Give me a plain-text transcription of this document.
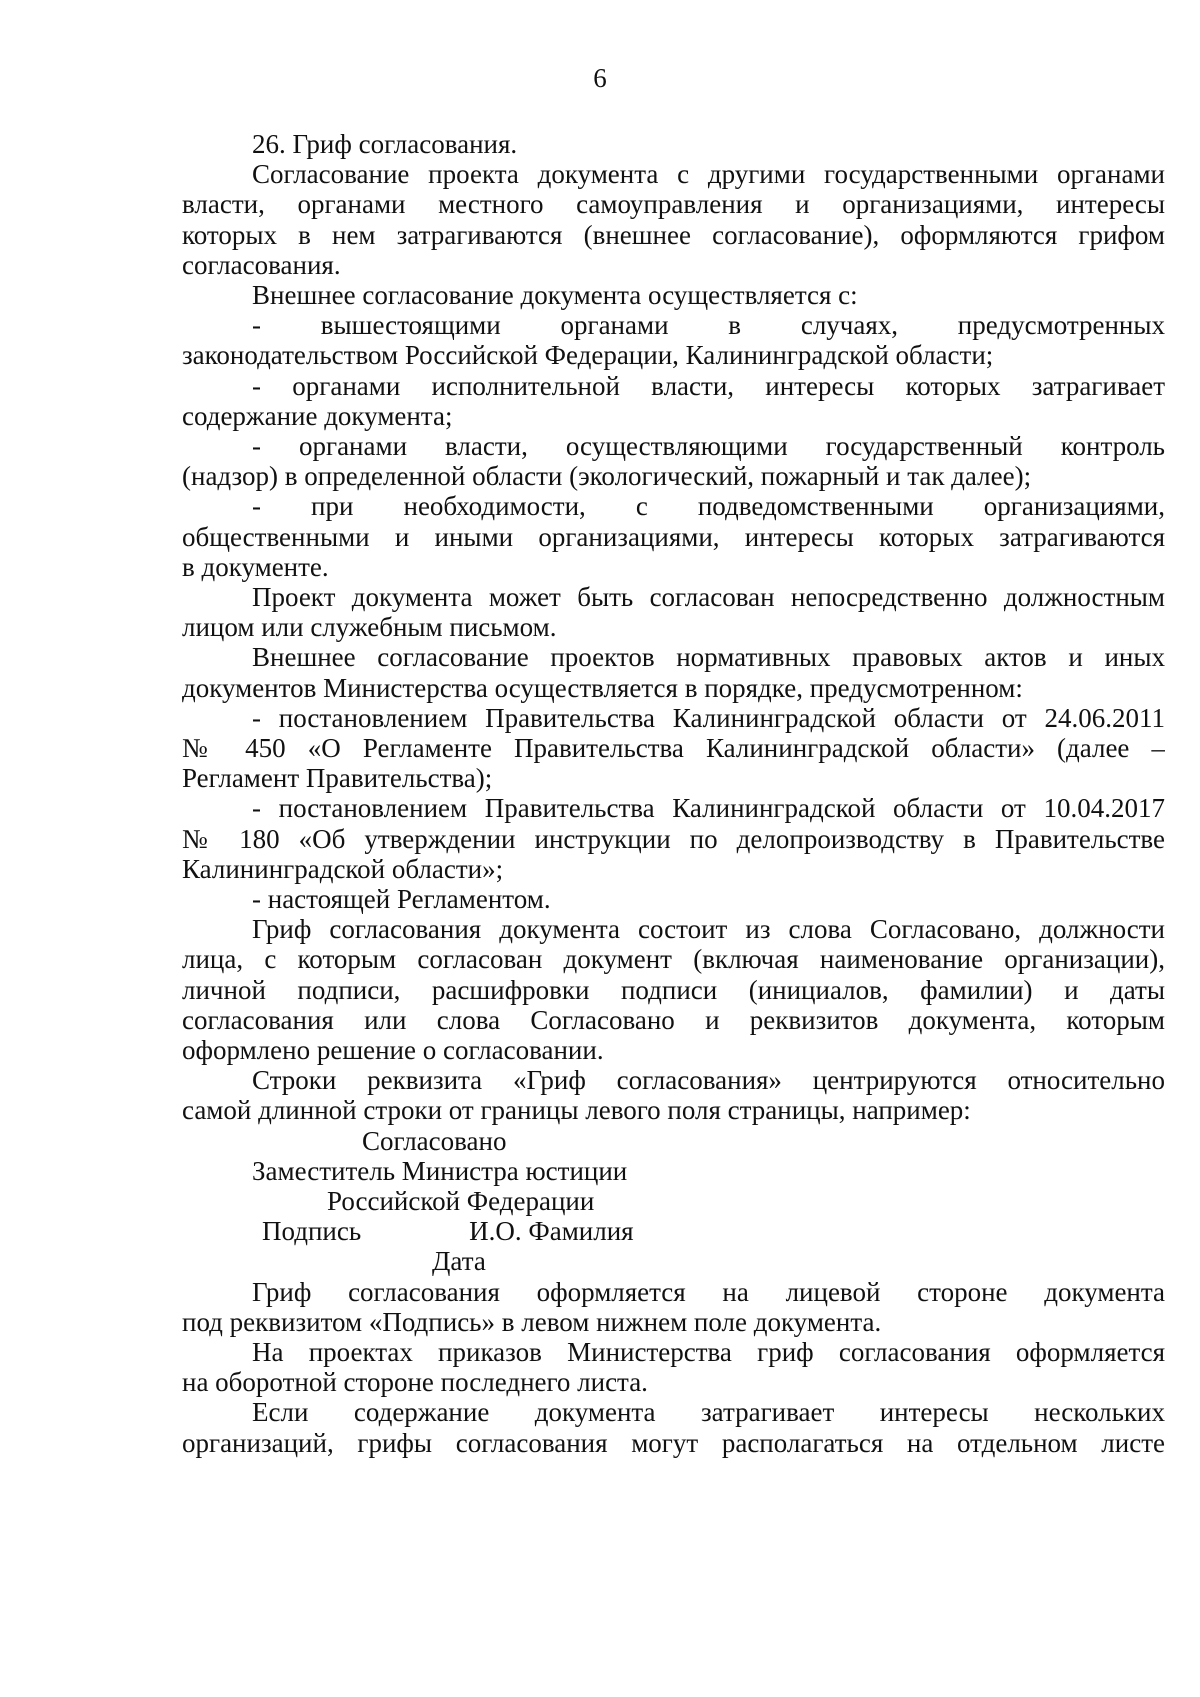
6
26. Гриф согласования.
Согласование проекта документа с другими государственными органами
власти, органами местного самоуправления и организациями, интересы
которых в нем затрагиваются (внешнее согласование), оформляются грифом
согласования.
Внешнее согласование документа осуществляется с:
- вышестоящими органами в случаях, предусмотренных
законодательством Российской Федерации, Калининградской области;
- органами исполнительной власти, интересы которых затрагивает
содержание документа;
- органами власти, осуществляющими государственный контроль
(надзор) в определенной области (экологический, пожарный и так далее);
- при необходимости, с подведомственными организациями,
общественными и иными организациями, интересы которых затрагиваются
в документе.
Проект документа может быть согласован непосредственно должностным
лицом или служебным письмом.
Внешнее согласование проектов нормативных правовых актов и иных
документов Министерства осуществляется в порядке, предусмотренном:
- постановлением Правительства Калининградской области от 24.06.2011
№ 450 «О Регламенте Правительства Калининградской области» (далее –
Регламент Правительства);
- постановлением Правительства Калининградской области от 10.04.2017
№ 180 «Об утверждении инструкции по делопроизводству в Правительстве
Калининградской области»;
- настоящей Регламентом.
Гриф согласования документа состоит из слова Согласовано, должности
лица, с которым согласован документ (включая наименование организации),
личной подписи, расшифровки подписи (инициалов, фамилии) и даты
согласования или слова Согласовано и реквизитов документа, которым
оформлено решение о согласовании.
Строки реквизита «Гриф согласования» центрируются относительно
самой длинной строки от границы левого поля страницы, например:
Согласовано
Заместитель Министра юстиции
Российской Федерации
Подпись                И.О. Фамилия
Дата
Гриф согласования оформляется на лицевой стороне документа
под реквизитом «Подпись» в левом нижнем поле документа.
На проектах приказов Министерства гриф согласования оформляется
на оборотной стороне последнего листа.
Если содержание документа затрагивает интересы нескольких
организаций, грифы согласования могут располагаться на отдельном листе
